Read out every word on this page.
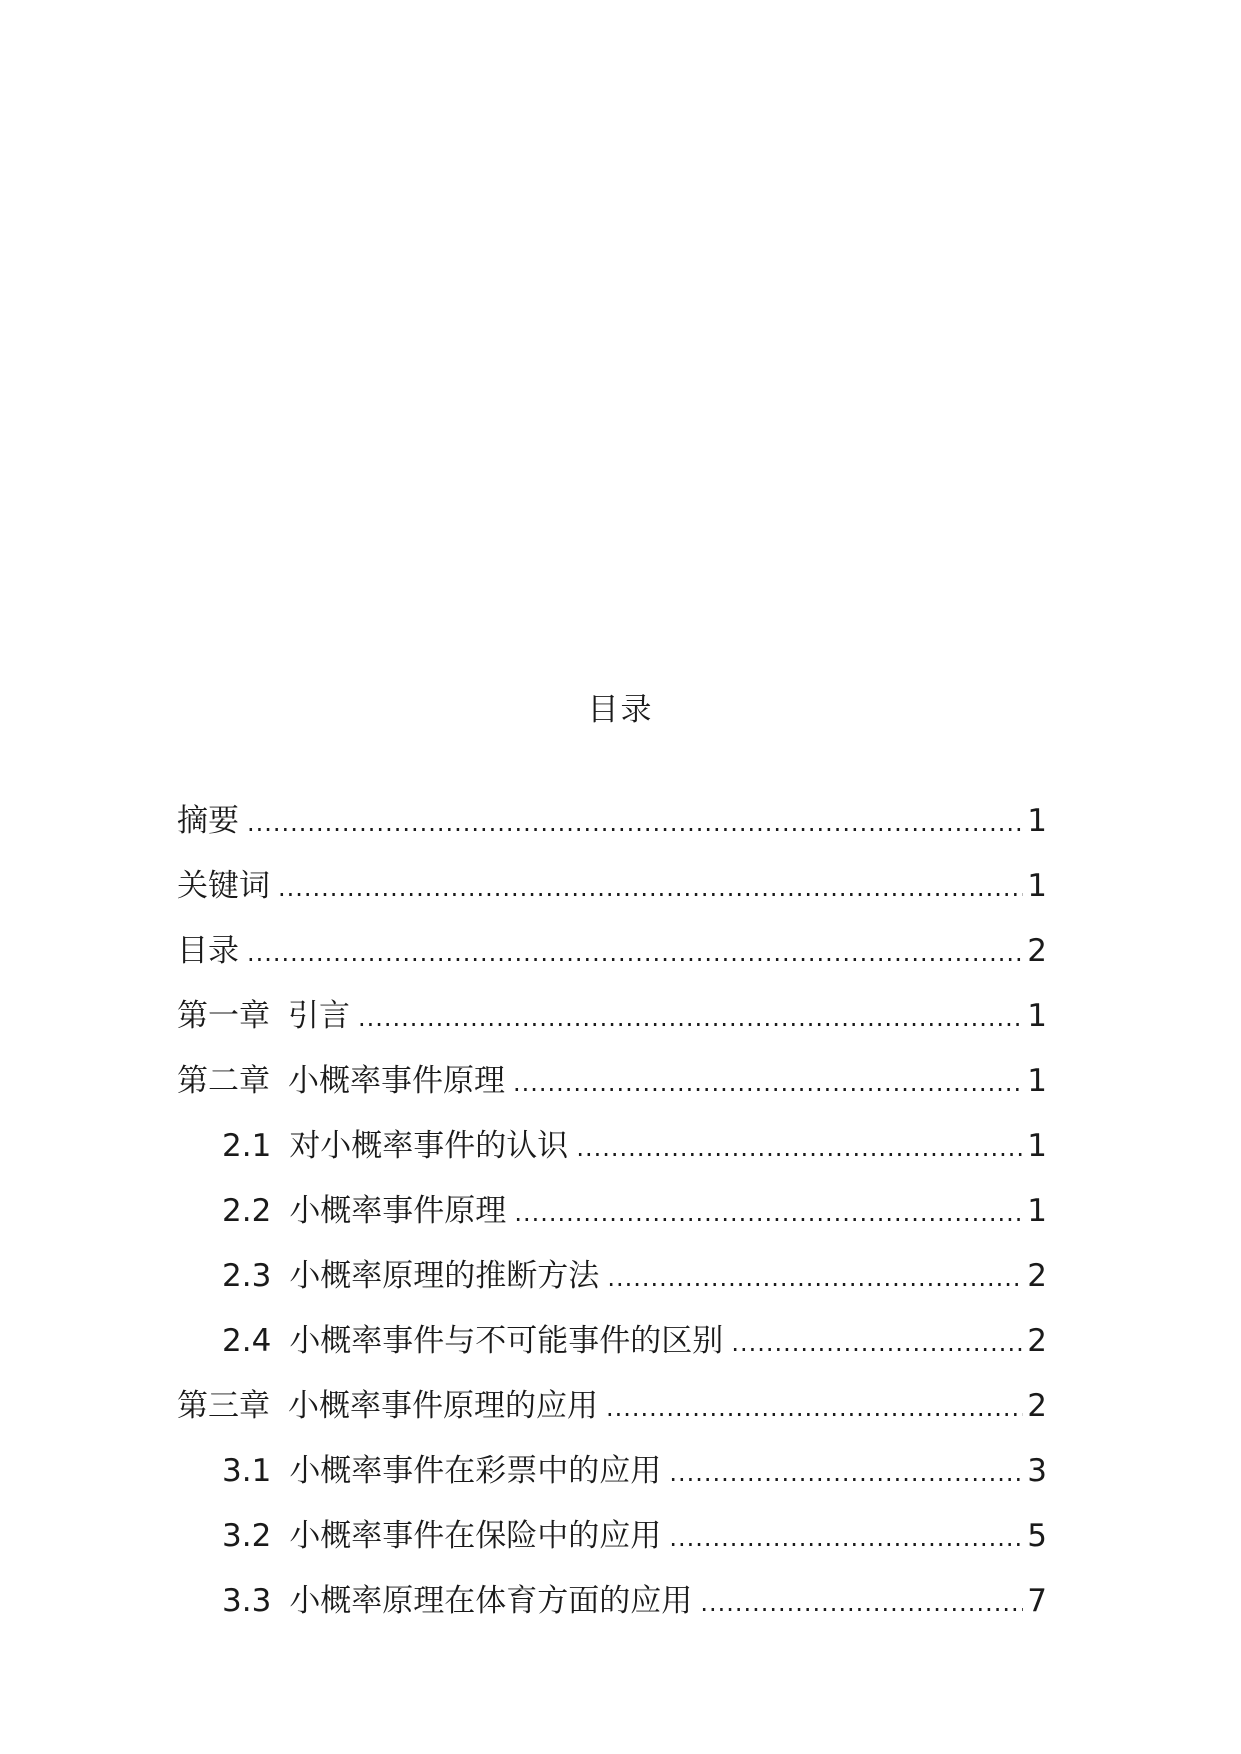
目录
摘要 .....	1
关键词 .....	1
目录 .....	2
第一章 引言 .....	1
第二章 小概率事件原理 .....	1
2.1 对小概率事件的认识 .....	1
2.2 小概率事件原理 .....	1
2.3 小概率原理的推断方法 .....	2
2.4 小概率事件与不可能事件的区别 .....	2
第三章 小概率事件原理的应用 .....	2
3.1 小概率事件在彩票中的应用 .....	3
3.2 小概率事件在保险中的应用 .....	5
3.3 小概率原理在体育方面的应用 .....	7
